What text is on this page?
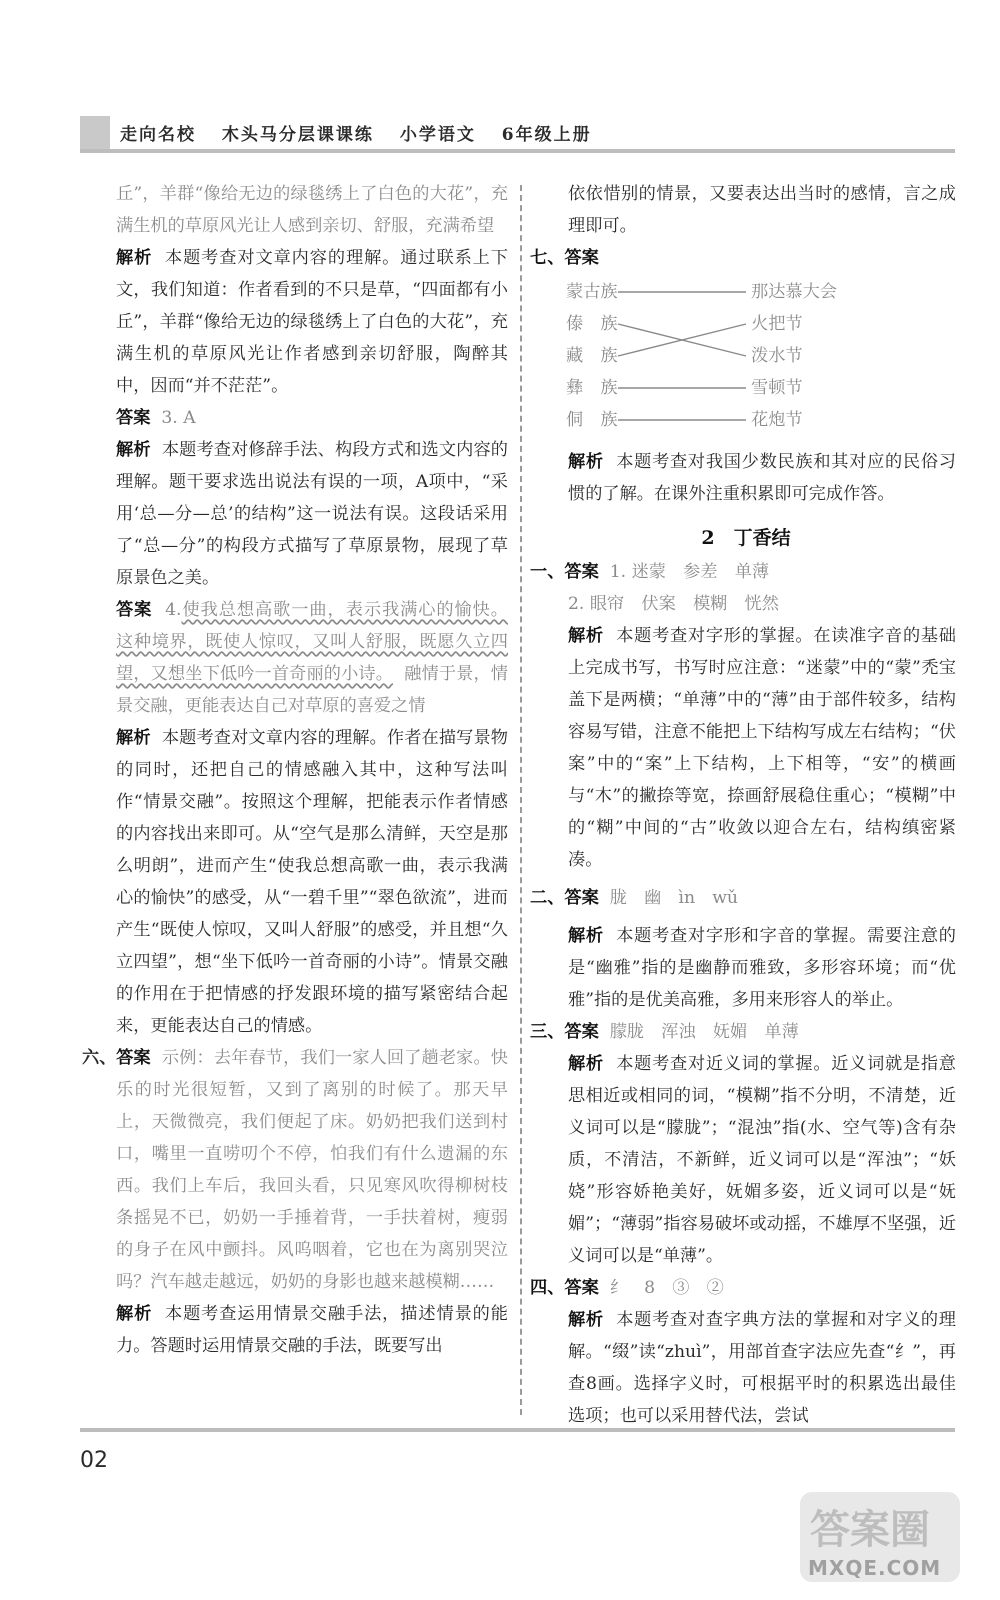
走向名校 木头马分层课课练 小学语文 6年级上册

丘”，羊群“像给无边的绿毯绣上了白色的大花”，充满生机的草原风光让人感到亲切、舒服，充满希望

解析 本题考查对文章内容的理解。通过联系上下文，我们知道：作者看到的不只是草，“四面都有小丘”，羊群“像给无边的绿毯绣上了白色的大花”，充满生机的草原风光让作者感到亲切舒服，陶醉其中，因而“并不茫茫”。

答案 3. A

解析 本题考查对修辞手法、构段方式和选文内容的理解。题干要求选出说法有误的一项，A项中，“采用‘总—分—总’的结构”这一说法有误。这段话采用了“总—分”的构段方式描写了草原景物，展现了草原景色之美。

答案 4.使我总想高歌一曲，表示我满心的愉快。 这种境界，既使人惊叹，又叫人舒服，既愿久立四望，又想坐下低吟一首奇丽的小诗。 融情于景，情景交融，更能表达自己对草原的喜爱之情

解析 本题考查对文章内容的理解。作者在描写景物的同时，还把自己的情感融入其中，这种写法叫作“情景交融”。按照这个理解，把能表示作者情感的内容找出来即可。从“空气是那么清鲜，天空是那么明朗”，进而产生“使我总想高歌一曲，表示我满心的愉快”的感受，从“一碧千里”“翠色欲流”，进而产生“既使人惊叹，又叫人舒服”的感受，并且想“久立四望”，想“坐下低吟一首奇丽的小诗”。情景交融的作用在于把情感的抒发跟环境的描写紧密结合起来，更能表达自己的情感。

六、答案 示例：去年春节，我们一家人回了趟老家。快乐的时光很短暂，又到了离别的时候了。那天早上，天微微亮，我们便起了床。奶奶把我们送到村口，嘴里一直唠叨个不停，怕我们有什么遗漏的东西。我们上车后，我回头看，只见寒风吹得柳树枝条摇晃不已，奶奶一手捶着背，一手扶着树，瘦弱的身子在风中颤抖。风呜咽着，它也在为离别哭泣吗？汽车越走越远，奶奶的身影也越来越模糊……

解析 本题考查运用情景交融手法，描述情景的能力。答题时运用情景交融的手法，既要写出

依依惜别的情景，又要表达出当时的感情，言之成理即可。

七、答案

蒙古族
傣　族
藏　族
彝　族
侗　族
那达慕大会
火把节
泼水节
雪顿节
花炮节

解析 本题考查对我国少数民族和其对应的民俗习惯的了解。在课外注重积累即可完成作答。

2　丁香结

一、答案 1. 迷蒙　参差　单薄

2. 眼帘　伏案　模糊　恍然

解析 本题考查对字形的掌握。在读准字音的基础上完成书写，书写时应注意：“迷蒙”中的“蒙”禿宝盖下是两横；“单薄”中的“薄”由于部件较多，结构容易写错，注意不能把上下结构写成左右结构；“伏案”中的“案”上下结构，上下相等，“安”的横画与“木”的撇捺等宽，捺画舒展稳住重心；“模糊”中的“糊”中间的“古”收敛以迎合左右，结构缜密紧凑。

二、答案 胧　幽　ìn　wǔ

解析 本题考查对字形和字音的掌握。需要注意的是“幽雅”指的是幽静而雅致，多形容环境；而“优雅”指的是优美高雅，多用来形容人的举止。

三、答案 朦胧　浑浊　妩媚　单薄

解析 本题考查对近义词的掌握。近义词就是指意思相近或相同的词，“模糊”指不分明，不清楚，近义词可以是“朦胧”；“混浊”指(水、空气等)含有杂质，不清洁，不新鲜，近义词可以是“浑浊”；“妖娆”形容娇艳美好，妩媚多姿，近义词可以是“妩媚”；“薄弱”指容易破坏或动摇，不雄厚不坚强，近义词可以是“单薄”。

四、答案 纟　8　③　②

解析 本题考查对查字典方法的掌握和对字义的理解。“缀”读“zhuì”，用部首查字法应先查“纟”，再查8画。选择字义时，可根据平时的积累选出最佳选项；也可以采用替代法，尝试

02
答案圈
MXQE.COM
